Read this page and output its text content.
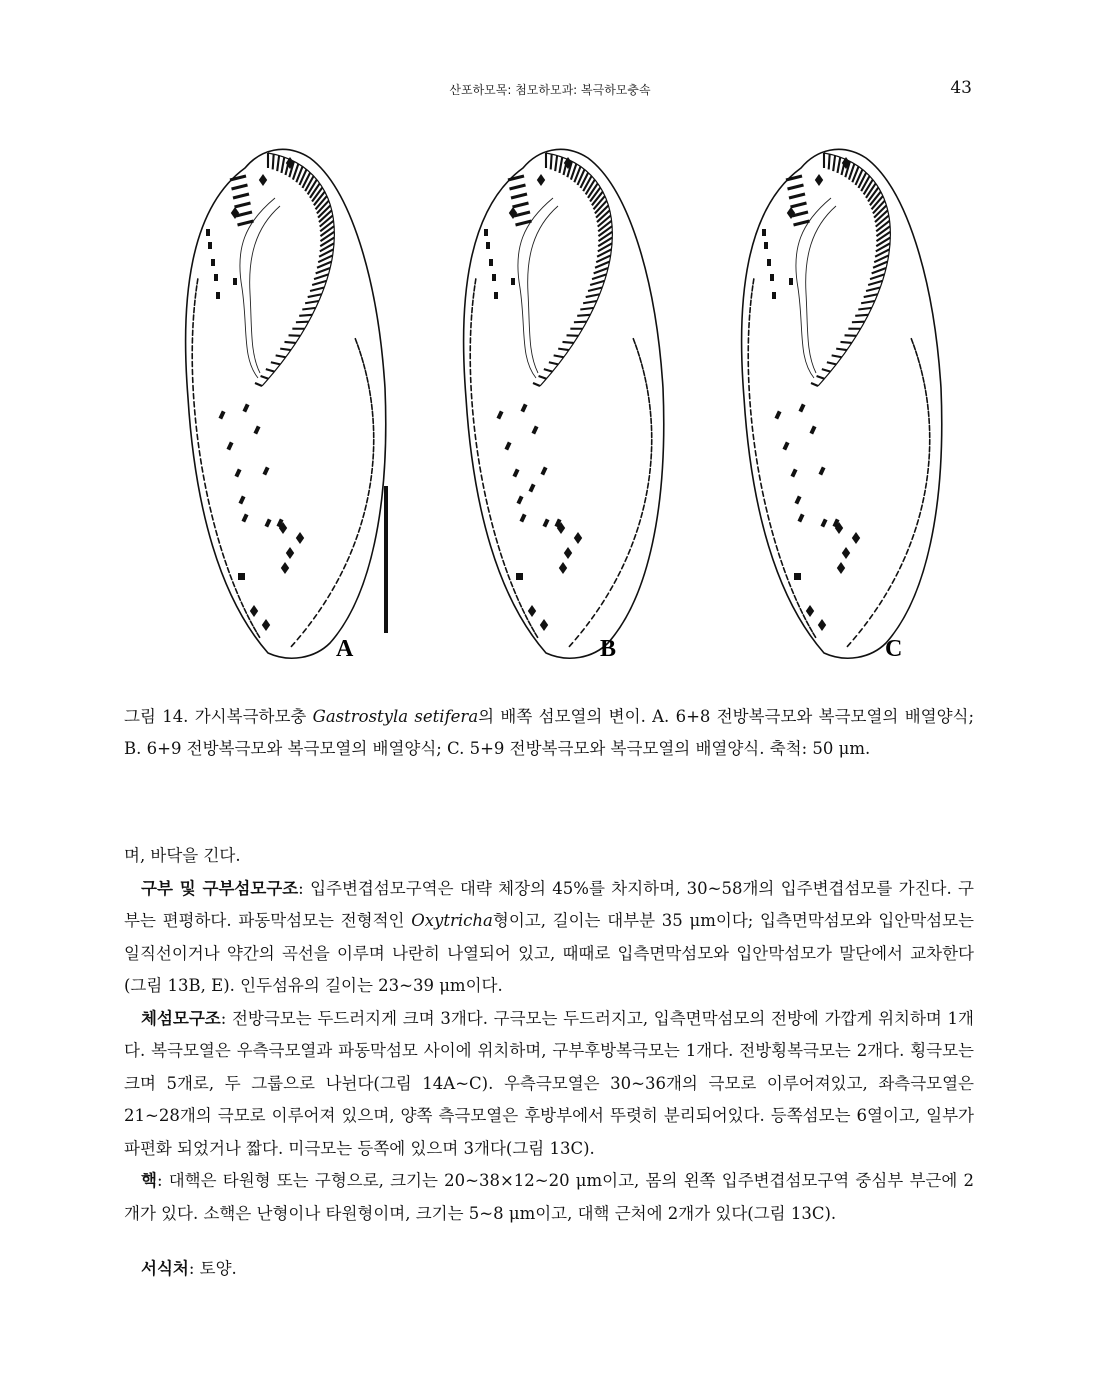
산포하모목: 첨모하모과: 복극하모충속	43
A	B	C
그림 14. 가시복극하모충 Gastrostyla setifera의 배쪽 섬모열의 변이. A. 6+8 전방복극모와 복극모열의 배열양식; B. 6+9 전방복극모와 복극모열의 배열양식; C. 5+9 전방복극모와 복극모열의 배열양식. 축척: 50 μm.

며, 바닥을 긴다.

구부 및 구부섬모구조: 입주변겹섬모구역은 대략 체장의 45%를 차지하며, 30~58개의 입주변겹섬모를 가진다. 구부는 편평하다. 파동막섬모는 전형적인 Oxytricha형이고, 길이는 대부분 35 μm이다; 입측면막섬모와 입안막섬모는 일직선이거나 약간의 곡선을 이루며 나란히 나열되어 있고, 때때로 입측면막섬모와 입안막섬모가 말단에서 교차한다(그림 13B, E). 인두섬유의 길이는 23~39 μm이다.

체섬모구조: 전방극모는 두드러지게 크며 3개다. 구극모는 두드러지고, 입측면막섬모의 전방에 가깝게 위치하며 1개다. 복극모열은 우측극모열과 파동막섬모 사이에 위치하며, 구부후방복극모는 1개다. 전방횡복극모는 2개다. 횡극모는 크며 5개로, 두 그룹으로 나뉜다(그림 14A~C). 우측극모열은 30~36개의 극모로 이루어져있고, 좌측극모열은 21~28개의 극모로 이루어져 있으며, 양쪽 측극모열은 후방부에서 뚜렷히 분리되어있다. 등쪽섬모는 6열이고, 일부가 파편화 되었거나 짧다. 미극모는 등쪽에 있으며 3개다(그림 13C).

핵: 대핵은 타원형 또는 구형으로, 크기는 20~38×12~20 μm이고, 몸의 왼쪽 입주변겹섬모구역 중심부 부근에 2개가 있다. 소핵은 난형이나 타원형이며, 크기는 5~8 μm이고, 대핵 근처에 2개가 있다(그림 13C).

서식처: 토양.
